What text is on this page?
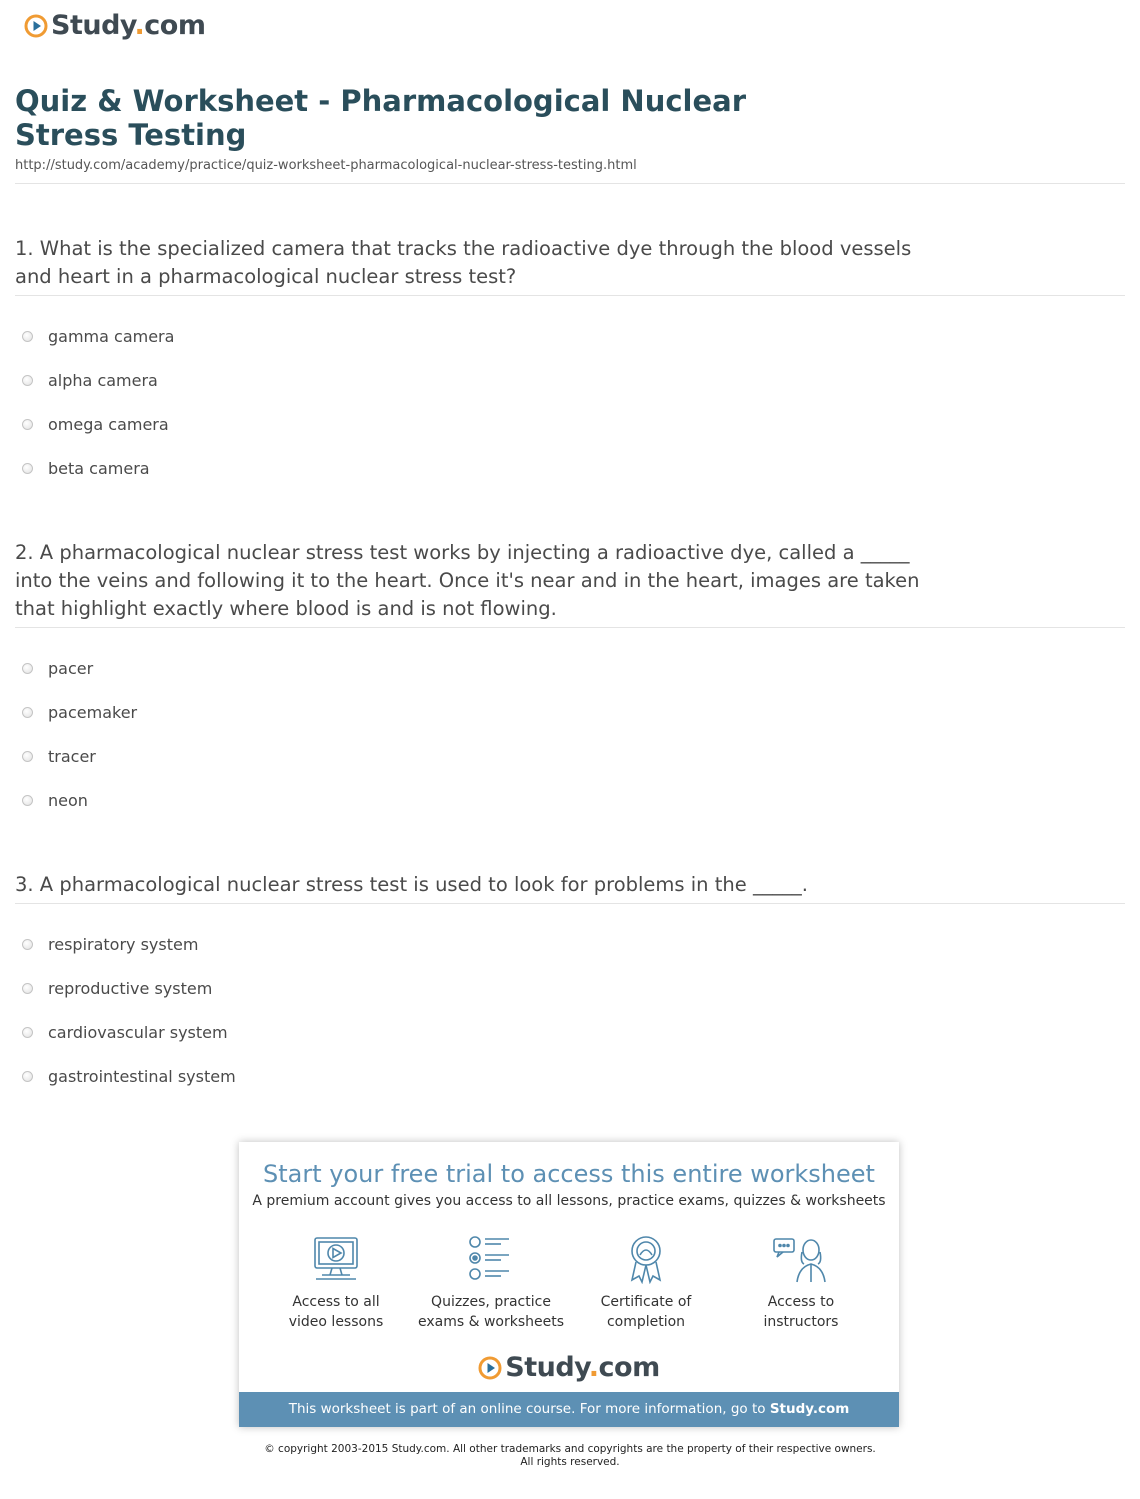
Study.com
Quiz & Worksheet - Pharmacological Nuclear Stress Testing
http://study.com/academy/practice/quiz-worksheet-pharmacological-nuclear-stress-testing.html

1. What is the specialized camera that tracks the radioactive dye through the blood vessels and heart in a pharmacological nuclear stress test?

gamma camera
alpha camera
omega camera
beta camera

2. A pharmacological nuclear stress test works by injecting a radioactive dye, called a _____ into the veins and following it to the heart. Once it's near and in the heart, images are taken that highlight exactly where blood is and is not flowing.

pacer
pacemaker
tracer
neon

3. A pharmacological nuclear stress test is used to look for problems in the _____.

respiratory system
reproductive system
cardiovascular system
gastrointestinal system
Start your free trial to access this entire worksheet
A premium account gives you access to all lessons, practice exams, quizzes & worksheets
Access to all
video lessons
Quizzes, practice
exams & worksheets
Certificate of
completion
Access to
instructors
Study.com
This worksheet is part of an online course. For more information, go to Study.com
© copyright 2003-2015 Study.com. All other trademarks and copyrights are the property of their respective owners.
All rights reserved.
